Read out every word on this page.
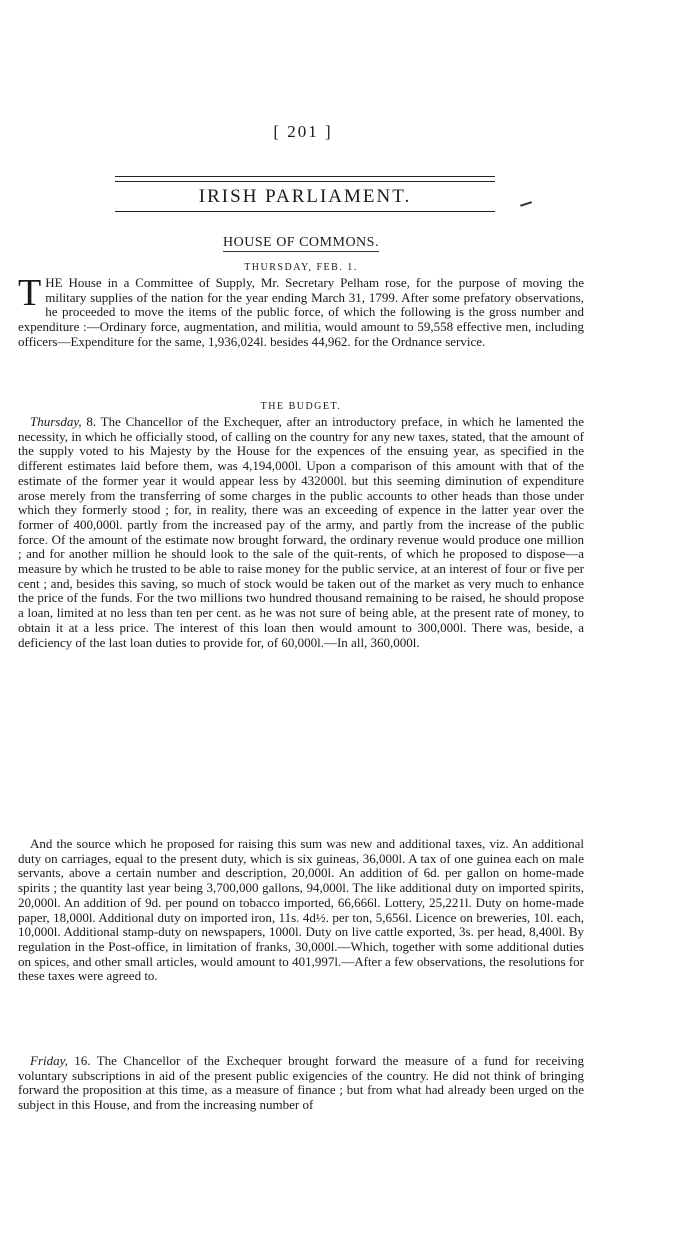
[ 201 ]
IRISH PARLIAMENT.
HOUSE OF COMMONS.
THURSDAY, FEB. 1.

T HE House in a Committee of Supply, Mr. Secretary Pelham rose, for the purpose of moving the military supplies of the nation for the year ending March 31, 1799. After some prefatory observations, he proceeded to move the items of the public force, of which the following is the gross number and expenditure :—Ordinary force, augmentation, and militia, would amount to 59,558 effective men, including officers—Expenditure for the same, 1,936,024l. besides 44,962. for the Ordnance service.

THE BUDGET.

Thursday, 8. The Chancellor of the Exchequer, after an introductory preface, in which he lamented the necessity, in which he officially stood, of calling on the country for any new taxes, stated, that the amount of the supply voted to his Majesty by the House for the expences of the ensuing year, as specified in the different estimates laid before them, was 4,194,000l. Upon a comparison of this amount with that of the estimate of the former year it would appear less by 432000l. but this seeming diminution of expenditure arose merely from the transferring of some charges in the public accounts to other heads than those under which they formerly stood ; for, in reality, there was an exceeding of expence in the latter year over the former of 400,000l. partly from the increased pay of the army, and partly from the increase of the public force. Of the amount of the estimate now brought forward, the ordinary revenue would produce one million ; and for another million he should look to the sale of the quit-rents, of which he proposed to dispose—a measure by which he trusted to be able to raise money for the public service, at an interest of four or five per cent ; and, besides this saving, so much of stock would be taken out of the market as very much to enhance the price of the funds. For the two millions two hundred thousand remaining to be raised, he should propose a loan, limited at no less than ten per cent. as he was not sure of being able, at the present rate of money, to obtain it at a less price. The interest of this loan then would amount to 300,000l. There was, beside, a deficiency of the last loan duties to provide for, of 60,000l.—In all, 360,000l.

And the source which he proposed for raising this sum was new and additional taxes, viz. An additional duty on carriages, equal to the present duty, which is six guineas, 36,000l. A tax of one guinea each on male servants, above a certain number and description, 20,000l. An addition of 6d. per gallon on home-made spirits ; the quantity last year being 3,700,000 gallons, 94,000l. The like additional duty on imported spirits, 20,000l. An addition of 9d. per pound on tobacco imported, 66,666l. Lottery, 25,221l. Duty on home-made paper, 18,000l. Additional duty on imported iron, 11s. 4d½. per ton, 5,656l. Licence on breweries, 10l. each, 10,000l. Additional stamp-duty on newspapers, 1000l. Duty on live cattle exported, 3s. per head, 8,400l. By regulation in the Post-office, in limitation of franks, 30,000l.—Which, together with some additional duties on spices, and other small articles, would amount to 401,997l.—After a few observations, the resolutions for these taxes were agreed to.

Friday, 16. The Chancellor of the Exchequer brought forward the measure of a fund for receiving voluntary subscriptions in aid of the present public exigencies of the country. He did not think of bringing forward the proposition at this time, as a measure of finance ; but from what had already been urged on the subject in this House, and from the increasing number of
